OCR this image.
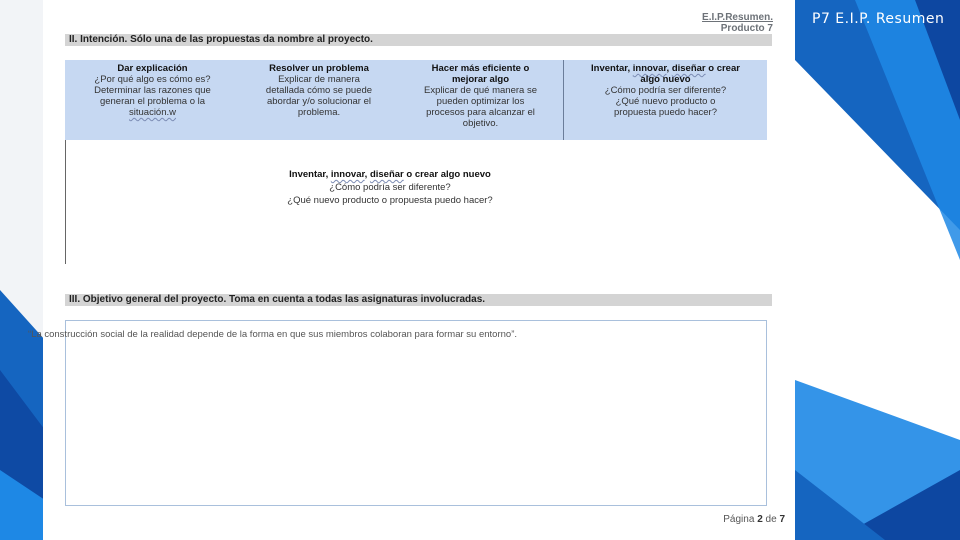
P7 E.I.P. Resumen
E.I.P.Resumen.
Producto 7
II. Intención. Sólo una de las propuestas da nombre al proyecto.
Dar explicación
¿Por qué algo es cómo es?
Determinar las razones que
generan el problema o la
situación.w
Resolver un problema
Explicar de manera
detallada cómo se puede
abordar y/o solucionar el
problema.
Hacer más eficiente o
mejorar algo
Explicar de qué manera se
pueden optimizar los
procesos para alcanzar el
objetivo.
Inventar, innovar, diseñar o crear
algo nuevo
¿Cómo podría ser diferente?
¿Qué nuevo producto o
propuesta puedo hacer?
III. Objetivo general del proyecto. Toma en cuenta a todas las asignaturas involucradas.
Página 2 de 7
Inventar, innovar, diseñar o crear algo nuevo
¿Cómo podría ser diferente?
¿Qué nuevo producto o propuesta puedo hacer?
“La construcción social de la realidad depende de la forma en que sus miembros colaboran para formar su entorno”.
